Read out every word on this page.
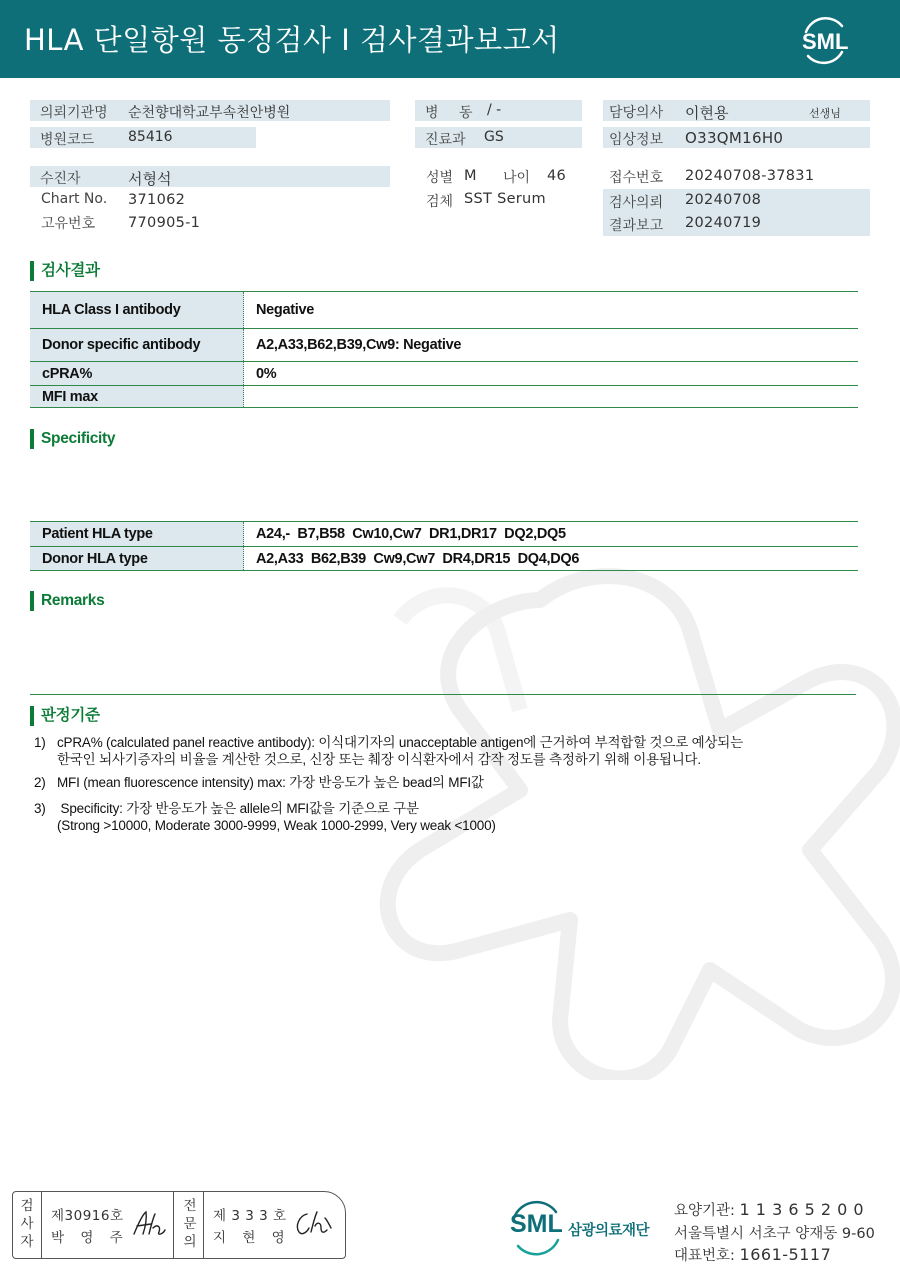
HLA 단일항원 동정검사 I 검사결과보고서	SML
의뢰기관명 순천향대학교부속천안병원
병원코드 85416
병 동 / -
진료과 GS
담당의사 이현용	선생님
임상정보 O33QM16H0
수진자	서형석
Chart No. 371062
고유번호 770905-1
성별 M 나이 46
검체 SST Serum
접수번호 20240708-37831
검사의뢰 20240708
결과보고 20240719
검사결과
HLA Class I antibody	Negative
Donor specific antibody	A2,A33,B62,B39,Cw9: Negative
cPRA%	0%
MFI max	
Specificity
Patient HLA type	A24,-  B7,B58  Cw10,Cw7  DR1,DR17  DQ2,DQ5
Donor HLA type	A2,A33  B62,B39  Cw9,Cw7  DR4,DR15  DQ4,DQ6
Remarks
판정기준
1) cPRA% (calculated panel reactive antibody): 이식대기자의 unacceptable antigen에 근거하여 부적합할 것으로 예상되는
한국인 뇌사기증자의 비율을 계산한 것으로, 신장 또는 췌장 이식환자에서 감작 정도를 측정하기 위해 이용됩니다.
2) MFI (mean fluorescence intensity) max: 가장 반응도가 높은 bead의 MFI값
3) Specificity: 가장 반응도가 높은 allele의 MFI값을 기준으로 구분
(Strong >10000, Moderate 3000-9999, Weak 1000-2999, Very weak <1000)
검
사
자
제30916호
박 영 주
전
문
의
제 3 3 3 호
지 현 영	SML 삼광의료재단
요양기관: 1 1 3 6 5 2 0 0
서울특별시 서초구 양재동 9-60
대표번호: 1661-5117
